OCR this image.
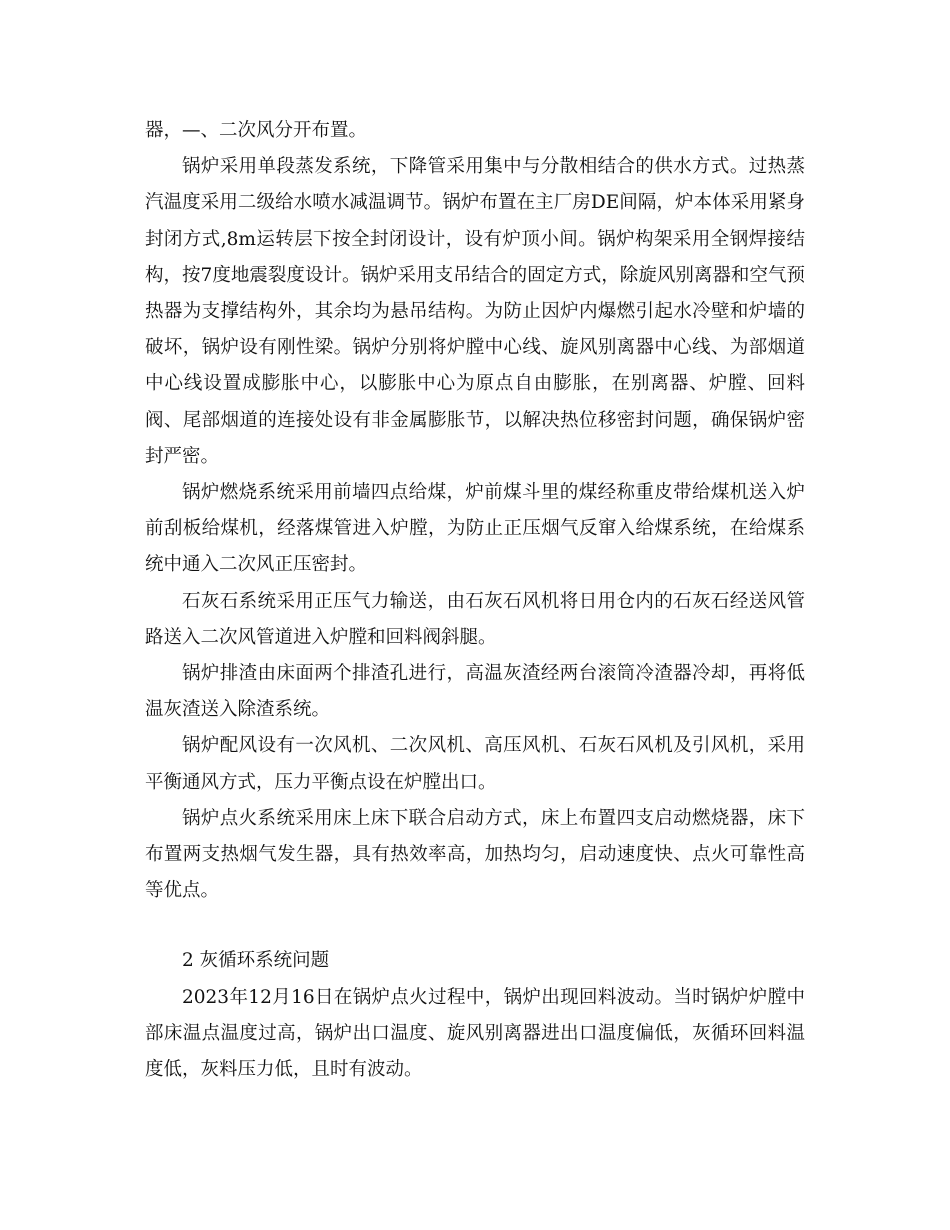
器，—、二次风分开布置。

锅炉采用单段蒸发系统，下降管采用集中与分散相结合的供水方式。过热蒸汽温度采用二级给水喷水减温调节。锅炉布置在主厂房DE间隔，炉本体采用紧身封闭方式,8m运转层下按全封闭设计，设有炉顶小间。锅炉构架采用全钢焊接结构，按7度地震裂度设计。锅炉采用支吊结合的固定方式，除旋风别离器和空气预热器为支撑结构外，其余均为悬吊结构。为防止因炉内爆燃引起水冷壁和炉墙的破坏，锅炉设有刚性梁。锅炉分别将炉膛中心线、旋风别离器中心线、为部烟道中心线设置成膨胀中心，以膨胀中心为原点自由膨胀，在别离器、炉膛、回料阀、尾部烟道的连接处设有非金属膨胀节，以解决热位移密封问题，确保锅炉密封严密。

锅炉燃烧系统采用前墙四点给煤，炉前煤斗里的煤经称重皮带给煤机送入炉前刮板给煤机，经落煤管进入炉膛，为防止正压烟气反窜入给煤系统，在给煤系统中通入二次风正压密封。

石灰石系统采用正压气力输送，由石灰石风机将日用仓内的石灰石经送风管路送入二次风管道进入炉膛和回料阀斜腿。

锅炉排渣由床面两个排渣孔进行，高温灰渣经两台滚筒冷渣器冷却，再将低温灰渣送入除渣系统。

锅炉配风设有一次风机、二次风机、高压风机、石灰石风机及引风机，采用平衡通风方式，压力平衡点设在炉膛出口。

锅炉点火系统采用床上床下联合启动方式，床上布置四支启动燃烧器，床下布置两支热烟气发生器，具有热效率高，加热均匀，启动速度快、点火可靠性高等优点。

2 灰循环系统问题

2023年12月16日在锅炉点火过程中，锅炉出现回料波动。当时锅炉炉膛中部床温点温度过高，锅炉出口温度、旋风别离器进出口温度偏低，灰循环回料温度低，灰料压力低，且时有波动。
